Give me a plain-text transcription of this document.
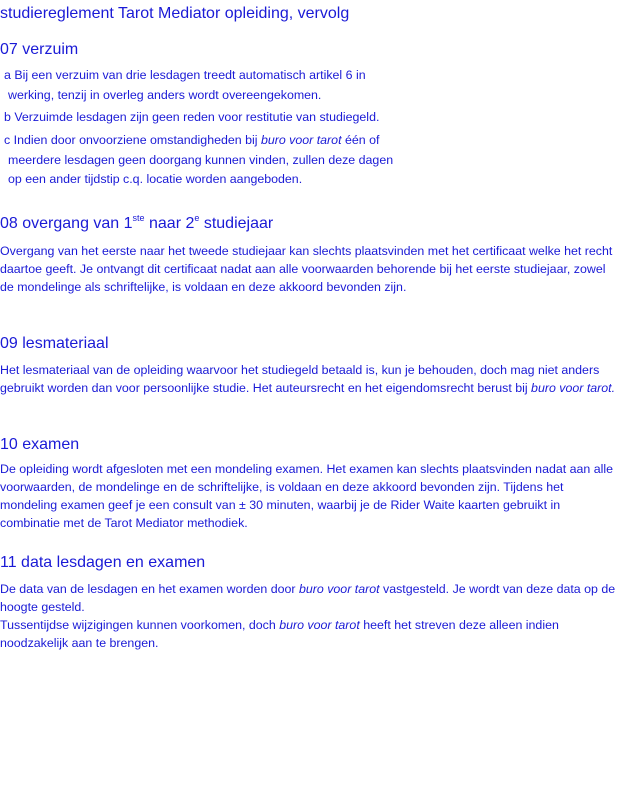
studiereglement Tarot Mediator opleiding, vervolg
07 verzuim
a Bij een verzuim van drie lesdagen treedt automatisch artikel 6 in
werking, tenzij in overleg anders wordt overeengekomen.
b Verzuimde lesdagen zijn geen reden voor restitutie van studiegeld.
c Indien door onvoorziene omstandigheden bij buro voor tarot één of
meerdere lesdagen geen doorgang kunnen vinden, zullen deze dagen
op een ander tijdstip c.q. locatie worden aangeboden.
08 overgang van 1ste naar 2e studiejaar

Overgang van het eerste naar het tweede studiejaar kan slechts plaatsvinden met het certificaat welke het recht daartoe geeft. Je ontvangt dit certificaat nadat aan alle voorwaarden behorende bij het eerste studiejaar, zowel de mondelinge als schriftelijke, is voldaan en deze akkoord bevonden zijn.

09 lesmateriaal

Het lesmateriaal van de opleiding waarvoor het studiegeld betaald is, kun je behouden, doch mag niet anders gebruikt worden dan voor persoonlijke studie. Het auteursrecht en het eigendomsrecht berust bij buro voor tarot.

10 examen

De opleiding wordt afgesloten met een mondeling examen. Het examen kan slechts plaatsvinden nadat aan alle voorwaarden, de mondelinge en de schriftelijke, is voldaan en deze akkoord bevonden zijn. Tijdens het mondeling examen geef je een consult van ± 30 minuten, waarbij je de Rider Waite kaarten gebruikt in combinatie met de Tarot Mediator methodiek.

11 data lesdagen en examen

De data van de lesdagen en het examen worden door buro voor tarot vastgesteld. Je wordt van deze data op de hoogte gesteld.
Tussentijdse wijzigingen kunnen voorkomen, doch buro voor tarot heeft het streven deze alleen indien noodzakelijk aan te brengen.
